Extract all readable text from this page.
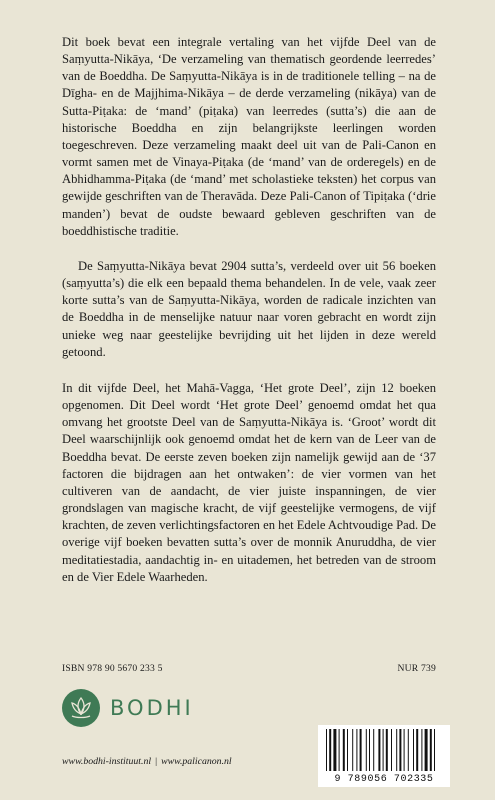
Dit boek bevat een integrale vertaling van het vijfde Deel van de Saṃyutta-Nikāya, ‘De verzameling van thematisch geordende leerredes’ van de Boeddha. De Saṃyutta-Nikāya is in de traditionele telling – na de Dīgha- en de Majjhima-Nikāya – de derde verzameling (nikāya) van de Sutta-Piṭaka: de ‘mand’ (piṭaka) van leerredes (sutta’s) die aan de historische Boeddha en zijn belangrijkste leerlingen worden toegeschreven. Deze verzameling maakt deel uit van de Pali-Canon en vormt samen met de Vinaya-Piṭaka (de ‘mand’ van de orderegels) en de Abhidhamma-Piṭaka (de ‘mand’ met scholastieke teksten) het corpus van gewijde geschriften van de Theravāda. Deze Pali-Canon of Tipiṭaka (‘drie manden’) bevat de oudste bewaard gebleven geschriften van de boeddhistische traditie.

De Saṃyutta-Nikāya bevat 2904 sutta’s, verdeeld over uit 56 boeken (saṃyutta’s) die elk een bepaald thema behandelen. In de vele, vaak zeer korte sutta’s van de Saṃyutta-Nikāya, worden de radicale inzichten van de Boeddha in de menselijke natuur naar voren gebracht en wordt zijn unieke weg naar geestelijke bevrijding uit het lijden in deze wereld getoond.

In dit vijfde Deel, het Mahā-Vagga, ‘Het grote Deel’, zijn 12 boeken opgenomen. Dit Deel wordt ‘Het grote Deel’ genoemd omdat het qua omvang het grootste Deel van de Saṃyutta-Nikāya is. ‘Groot’ wordt dit Deel waarschijnlijk ook genoemd omdat het de kern van de Leer van de Boeddha bevat. De eerste zeven boeken zijn namelijk gewijd aan de ‘37 factoren die bijdragen aan het ontwaken’: de vier vormen van het cultiveren van de aandacht, de vier juiste inspanningen, de vier grondslagen van magische kracht, de vijf geestelijke vermogens, de vijf krachten, de zeven verlichtingsfactoren en het Edele Achtvoudige Pad. De overige vijf boeken bevatten sutta’s over de monnik Anuruddha, de vier meditatiestadia, aandachtig in- en uitademen, het betreden van de stroom en de Vier Edele Waarheden.

ISBN 978 90 5670 233 5	NUR 739
BODHI
www.bodhi-instituut.nl | www.palicanon.nl
9 789056 702335
